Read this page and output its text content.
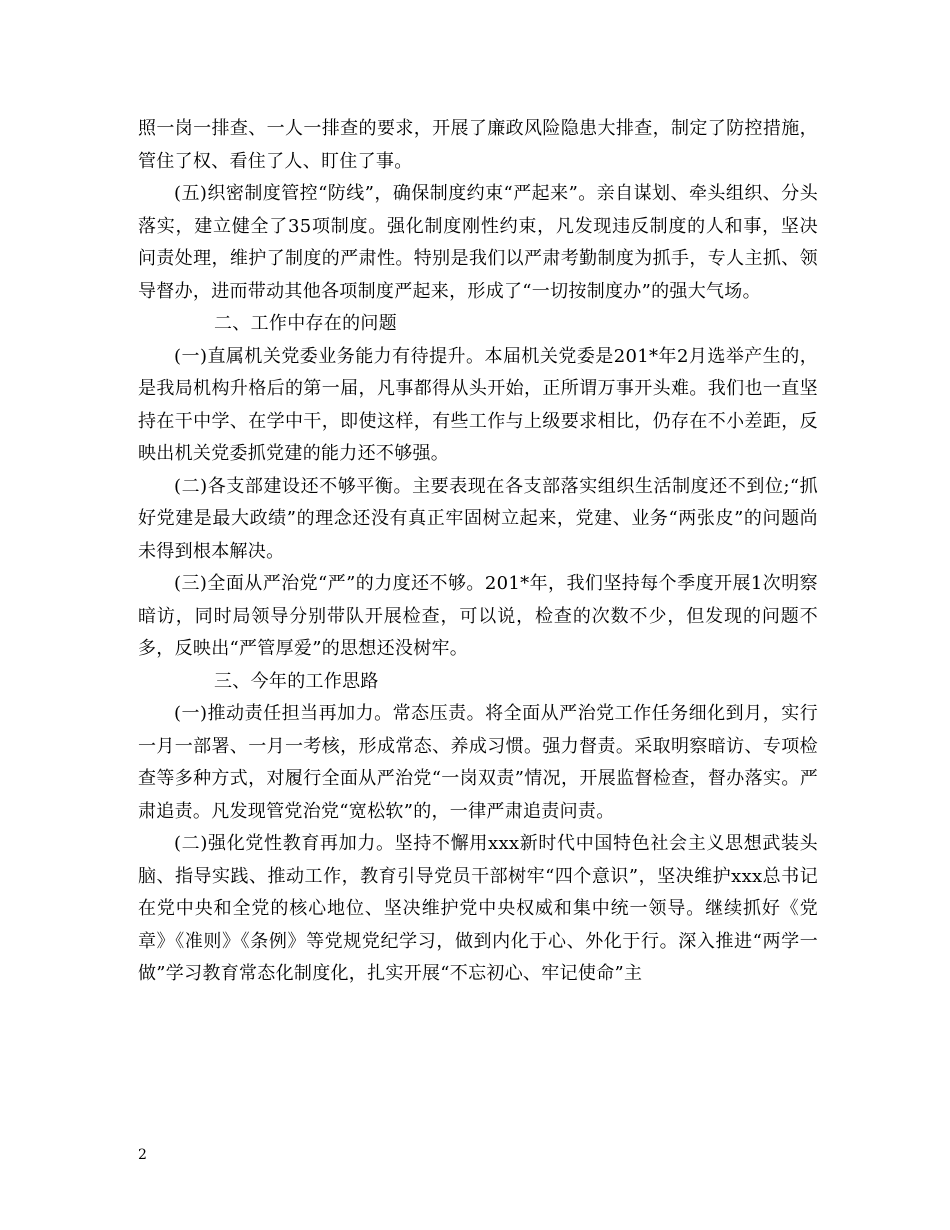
照一岗一排查、一人一排查的要求，开展了廉政风险隐患大排查，制定了防控措施，管住了权、看住了人、盯住了事。

(五)织密制度管控“防线”，确保制度约束“严起来”。亲自谋划、牵头组织、分头落实，建立健全了35项制度。强化制度刚性约束，凡发现违反制度的人和事，坚决问责处理，维护了制度的严肃性。特别是我们以严肃考勤制度为抓手，专人主抓、领导督办，进而带动其他各项制度严起来，形成了“一切按制度办”的强大气场。

二、工作中存在的问题

(一)直属机关党委业务能力有待提升。本届机关党委是201*年2月选举产生的，是我局机构升格后的第一届，凡事都得从头开始，正所谓万事开头难。我们也一直坚持在干中学、在学中干，即使这样，有些工作与上级要求相比，仍存在不小差距，反映出机关党委抓党建的能力还不够强。

(二)各支部建设还不够平衡。主要表现在各支部落实组织生活制度还不到位;“抓好党建是最大政绩”的理念还没有真正牢固树立起来，党建、业务“两张皮”的问题尚未得到根本解决。

(三)全面从严治党“严”的力度还不够。201*年，我们坚持每个季度开展1次明察暗访，同时局领导分别带队开展检查，可以说，检查的次数不少，但发现的问题不多，反映出“严管厚爱”的思想还没树牢。

三、今年的工作思路

(一)推动责任担当再加力。常态压责。将全面从严治党工作任务细化到月，实行一月一部署、一月一考核，形成常态、养成习惯。强力督责。采取明察暗访、专项检查等多种方式，对履行全面从严治党“一岗双责”情况，开展监督检查，督办落实。严肃追责。凡发现管党治党“宽松软”的，一律严肃追责问责。

(二)强化党性教育再加力。坚持不懈用xxx新时代中国特色社会主义思想武装头脑、指导实践、推动工作，教育引导党员干部树牢“四个意识”，坚决维护xxx总书记在党中央和全党的核心地位、坚决维护党中央权威和集中统一领导。继续抓好《党章》《准则》《条例》等党规党纪学习，做到内化于心、外化于行。深入推进“两学一做”学习教育常态化制度化，扎实开展“不忘初心、牢记使命”主

2
